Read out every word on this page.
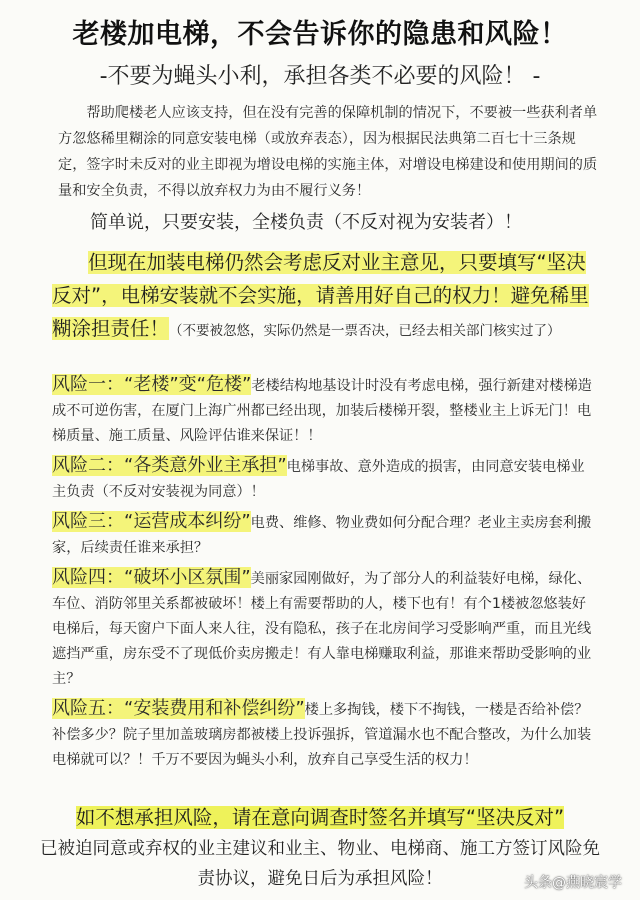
老楼加电梯，不会告诉你的隐患和风险！
-不要为蝇头小利，承担各类不必要的风险！ -

帮助爬楼老人应该支持，但在没有完善的保障机制的情况下，不要被一些获利者单方忽悠稀里糊涂的同意安装电梯（或放弃表态），因为根据民法典第二百七十三条规定，签字时未反对的业主即视为增设电梯的实施主体，对增设电梯建设和使用期间的质量和安全负责，不得以放弃权力为由不履行义务！

简单说，只要安装，全楼负责（不反对视为安装者）！
但现在加装电梯仍然会考虑反对业主意见，只要填写“坚决反对”，电梯安装就不会实施，请善用好自己的权力！避免稀里糊涂担责任！（不要被忽悠，实际仍然是一票否决，已经去相关部门核实过了）
风险一：“老楼”变“危楼”老楼结构地基设计时没有考虑电梯，强行新建对楼梯造成不可逆伤害，在厦门上海广州都已经出现，加装后楼梯开裂，整楼业主上诉无门！电梯质量、施工质量、风险评估谁来保证！！
风险二：“各类意外业主承担”电梯事故、意外造成的损害，由同意安装电梯业主负责（不反对安装视为同意）！
风险三：“运营成本纠纷”电费、维修、物业费如何分配合理？老业主卖房套利搬家，后续责任谁来承担？
风险四：“破坏小区氛围”美丽家园刚做好，为了部分人的利益装好电梯，绿化、车位、消防邻里关系都被破坏！楼上有需要帮助的人，楼下也有！有个1楼被忽悠装好电梯后，每天窗户下面人来人往，没有隐私，孩子在北房间学习受影响严重，而且光线遮挡严重，房东受不了现低价卖房搬走！有人靠电梯赚取利益，那谁来帮助受影响的业主？
风险五：“安装费用和补偿纠纷”楼上多掏钱，楼下不掏钱，一楼是否给补偿？补偿多少？院子里加盖玻璃房都被楼上投诉强拆，管道漏水也不配合整改，为什么加装电梯就可以？！千万不要因为蝇头小利，放弃自己享受生活的权力！
如不想承担风险，请在意向调查时签名并填写“坚决反对”
已被迫同意或弃权的业主建议和业主、物业、电梯商、施工方签订风险免责协议，避免日后为承担风险！	头条@燕晓宸学
